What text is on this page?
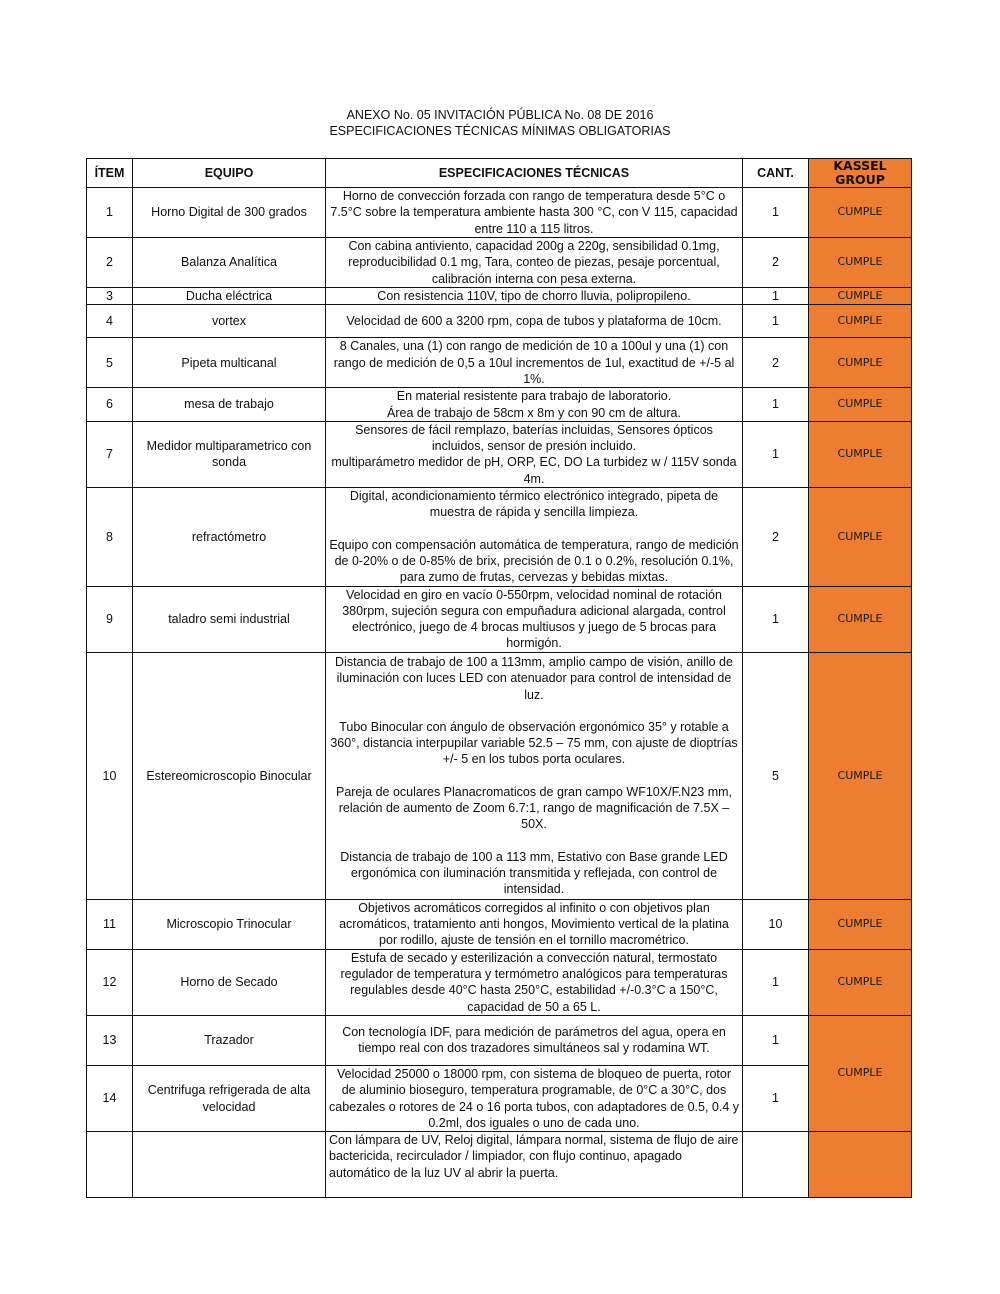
ANEXO No. 05 INVITACIÓN PÚBLICA No. 08 DE 2016
ESPECIFICACIONES TÉCNICAS MÍNIMAS OBLIGATORIAS
ÍTEM	EQUIPO	ESPECIFICACIONES TÉCNICAS	CANT.	KASSEL GROUP
1	Horno Digital de 300 grados	Horno de convección forzada con rango de temperatura desde 5°C o 7.5°C sobre la temperatura ambiente hasta 300 °C, con V 115, capacidad entre 110 a 115 litros.	1	CUMPLE
2	Balanza Analítica	Con cabina antiviento, capacidad 200g a 220g, sensibilidad 0.1mg, reproducibilidad 0.1 mg, Tara, conteo de piezas, pesaje porcentual, calibración interna con pesa externa.	2	CUMPLE
3	Ducha eléctrica	Con resistencia 110V, tipo de chorro lluvia, polipropileno.	1	CUMPLE
4	vortex	Velocidad de 600 a 3200 rpm, copa de tubos y plataforma de 10cm.	1	CUMPLE
5	Pipeta multicanal	8 Canales, una (1) con rango de medición de 10 a 100ul y una (1) con rango de medición de 0,5 a 10ul incrementos de 1ul, exactitud de +/-5 al 1%.	2	CUMPLE
6	mesa de trabajo	En material resistente para trabajo de laboratorio.
Área de trabajo de 58cm x 8m y con 90 cm de altura.	1	CUMPLE
7	Medidor multiparametrico con sonda	Sensores de fácil remplazo, baterías incluidas, Sensores ópticos incluidos, sensor de presión incluido.
multiparámetro medidor de pH, ORP, EC, DO La turbidez w / 115V sonda 4m.	1	CUMPLE
8	refractómetro	Digital, acondicionamiento térmico electrónico integrado, pipeta de muestra de rápida y sencilla limpieza.
Equipo con compensación automática de temperatura, rango de medición de 0-20% o de 0-85% de brix, precisión de 0.1 o 0.2%, resolución 0.1%, para zumo de frutas, cervezas y bebidas mixtas.	2	CUMPLE
9	taladro semi industrial	Velocidad en giro en vacío 0-550rpm, velocidad nominal de rotación 380rpm, sujeción segura con empuñadura adicional alargada, control electrónico, juego de 4 brocas multiusos y juego de 5 brocas para hormigón.	1	CUMPLE
10	Estereomicroscopio Binocular	Distancia de trabajo de 100 a 113mm, amplio campo de visión, anillo de iluminación con luces LED con atenuador para control de intensidad de luz.
Tubo Binocular con ángulo de observación ergonómico 35° y rotable a 360°, distancia interpupilar variable 52.5 – 75 mm, con ajuste de dioptrías +/- 5 en los tubos porta oculares.
Pareja de oculares Planacromaticos de gran campo WF10X/F.N23 mm, relación de aumento de Zoom 6.7:1, rango de magnificación de 7.5X – 50X.
Distancia de trabajo de 100 a 113 mm, Estativo con Base grande LED ergonómica con iluminación transmitida y reflejada, con control de intensidad.	5	CUMPLE
11	Microscopio Trinocular	Objetivos acromáticos corregidos al infinito o con objetivos plan acromáticos, tratamiento anti hongos, Movimiento vertical de la platina por rodillo, ajuste de tensión en el tornillo macrométrico.	10	CUMPLE
12	Horno de Secado	Estufa de secado y esterilización a convección natural, termostato regulador de temperatura y termómetro analógicos para temperaturas regulables desde 40°C hasta 250°C, estabilidad +/-0.3°C a 150°C, capacidad de 50 a 65 L.	1	CUMPLE
13	Trazador	Con tecnología IDF, para medición de parámetros del agua, opera en tiempo real con dos trazadores simultáneos sal y rodamina WT.	1	CUMPLE
14	Centrifuga refrigerada de alta velocidad	Velocidad 25000 o 18000 rpm, con sistema de bloqueo de puerta, rotor de aluminio bioseguro, temperatura programable, de 0°C a 30°C, dos cabezales o rotores de 24 o 16 porta tubos, con adaptadores de 0.5, 0.4 y 0.2ml, dos iguales o uno de cada uno.	1	

		Con lámpara de UV, Reloj digital, lámpara normal, sistema de flujo de aire bactericida, recirculador / limpiador, con flujo continuo, apagado automático de la luz UV al abrir la puerta.		
